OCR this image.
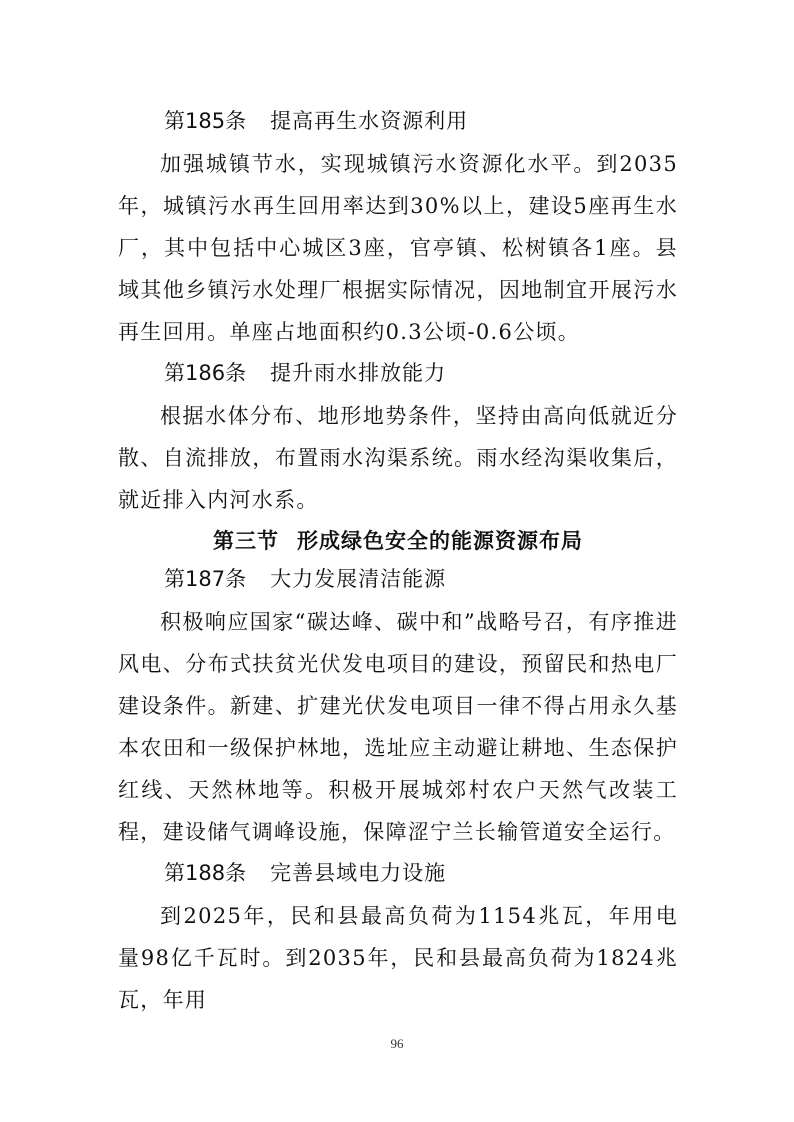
第185条 提高再生水资源利用

加强城镇节水，实现城镇污水资源化水平。到2035年，城镇污水再生回用率达到30%以上，建设5座再生水厂，其中包括中心城区3座，官亭镇、松树镇各1座。县域其他乡镇污水处理厂根据实际情况，因地制宜开展污水再生回用。单座占地面积约0.3公顷-0.6公顷。

第186条 提升雨水排放能力

根据水体分布、地形地势条件，坚持由高向低就近分散、自流排放，布置雨水沟渠系统。雨水经沟渠收集后，就近排入内河水系。

第三节 形成绿色安全的能源资源布局
第187条 大力发展清洁能源

积极响应国家“碳达峰、碳中和”战略号召，有序推进风电、分布式扶贫光伏发电项目的建设，预留民和热电厂建设条件。新建、扩建光伏发电项目一律不得占用永久基本农田和一级保护林地，选址应主动避让耕地、生态保护红线、天然林地等。积极开展城郊村农户天然气改装工程，建设储气调峰设施，保障涩宁兰长输管道安全运行。

第188条 完善县域电力设施

到2025年，民和县最高负荷为1154兆瓦，年用电量98亿千瓦时。到2035年，民和县最高负荷为1824兆瓦，年用

96
